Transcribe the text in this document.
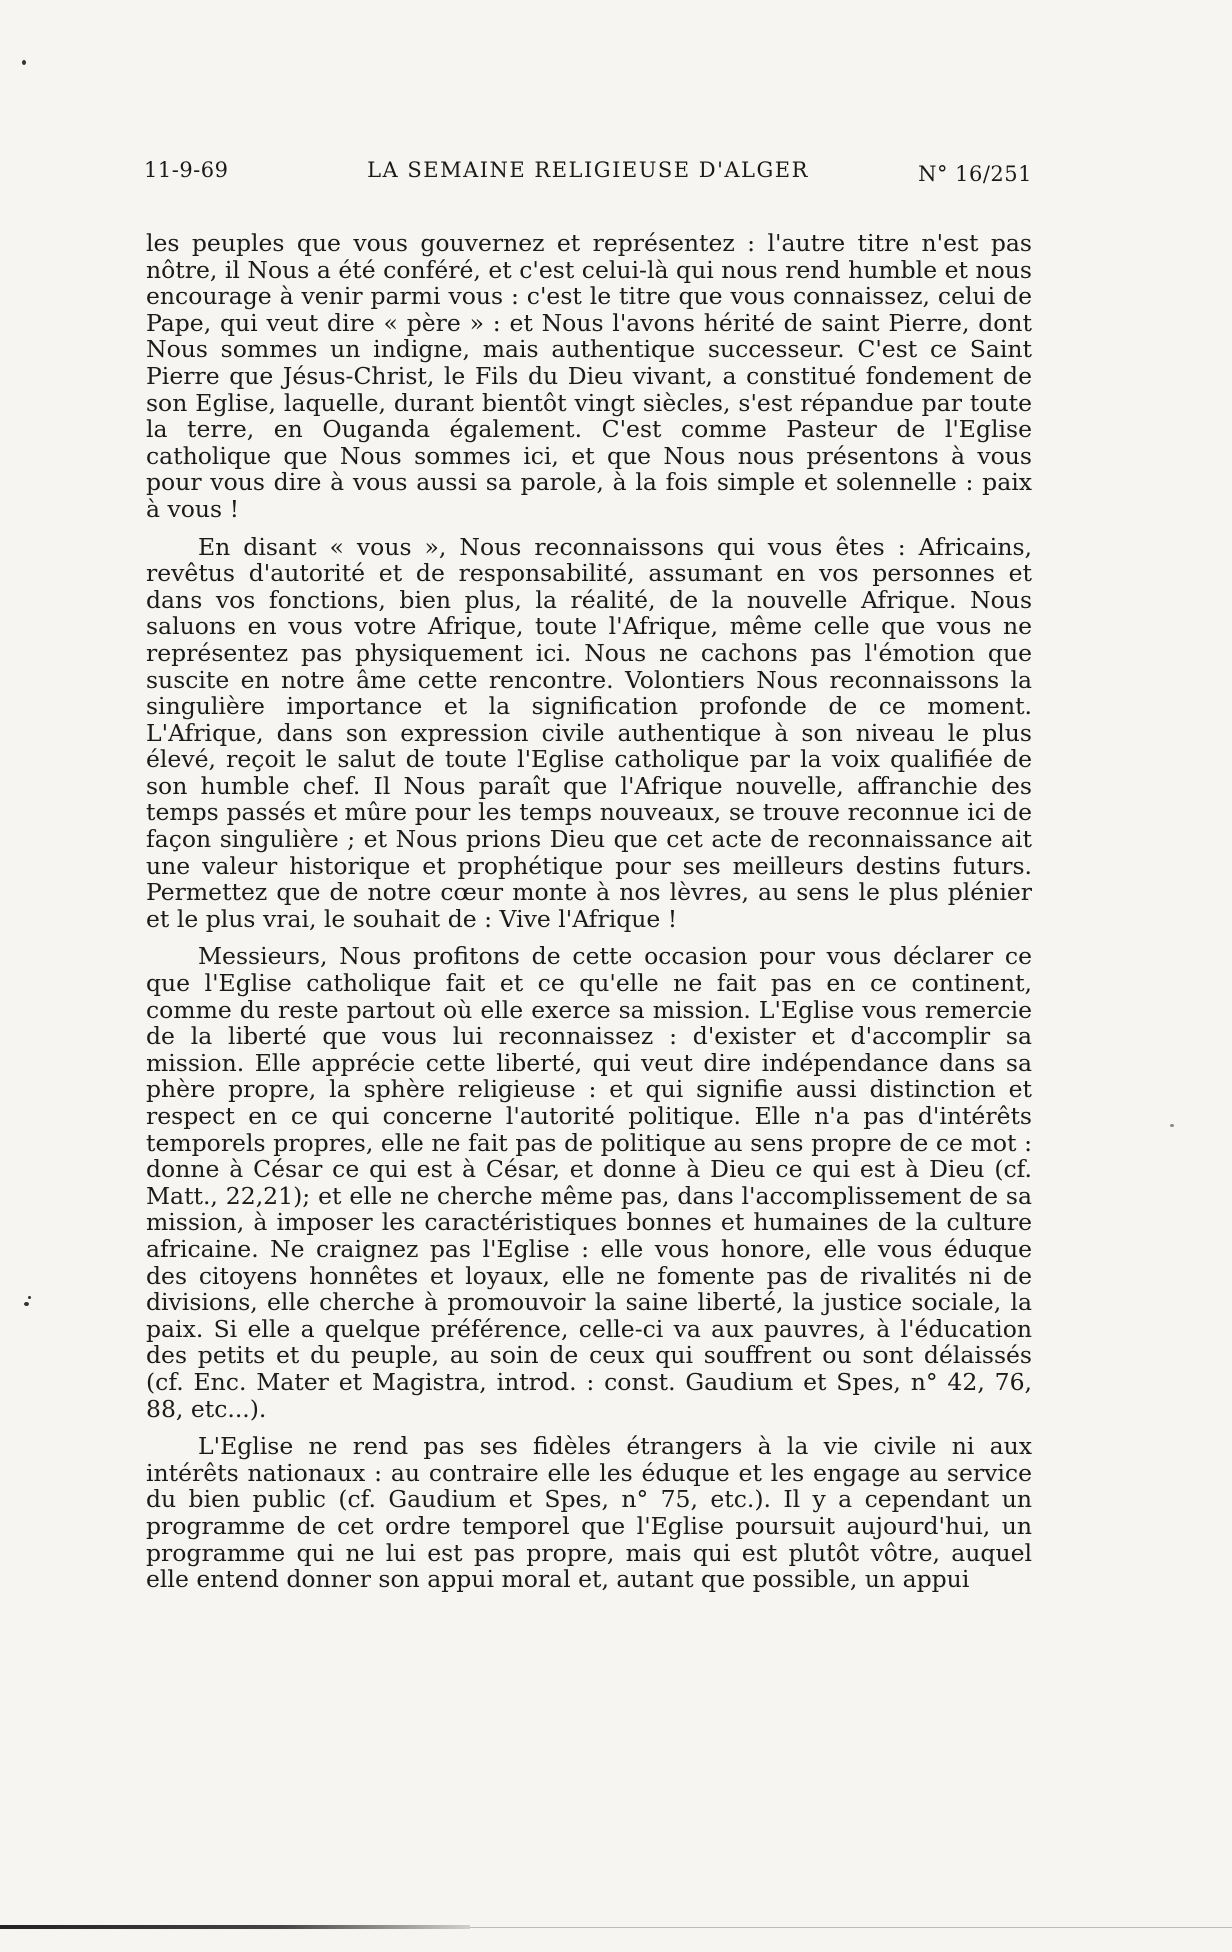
11-9-69	LA SEMAINE RELIGIEUSE D'ALGER	N° 16/251

les peuples que vous gouvernez et représentez : l'autre titre n'est pas nôtre, il Nous a été conféré, et c'est celui-là qui nous rend humble et nous encourage à venir parmi vous : c'est le titre que vous connaissez, celui de Pape, qui veut dire « père » : et Nous l'avons hérité de saint Pierre, dont Nous sommes un indigne, mais authentique successeur. C'est ce Saint Pierre que Jésus-Christ, le Fils du Dieu vivant, a constitué fondement de son Eglise, laquelle, durant bientôt vingt siècles, s'est répandue par toute la terre, en Ouganda également. C'est comme Pasteur de l'Eglise catholique que Nous sommes ici, et que Nous nous présentons à vous pour vous dire à vous aussi sa parole, à la fois simple et solennelle : paix à vous !

En disant « vous », Nous reconnaissons qui vous êtes : Africains, revêtus d'autorité et de responsabilité, assumant en vos personnes et dans vos fonctions, bien plus, la réalité, de la nouvelle Afrique. Nous saluons en vous votre Afrique, toute l'Afrique, même celle que vous ne représentez pas physiquement ici. Nous ne cachons pas l'émotion que suscite en notre âme cette rencontre. Volontiers Nous reconnaissons la singulière importance et la signification profonde de ce moment. L'Afrique, dans son expression civile authentique à son niveau le plus élevé, reçoit le salut de toute l'Eglise catholique par la voix qualifiée de son humble chef. Il Nous paraît que l'Afrique nouvelle, affranchie des temps passés et mûre pour les temps nouveaux, se trouve reconnue ici de façon singulière ; et Nous prions Dieu que cet acte de reconnaissance ait une valeur historique et prophétique pour ses meilleurs destins futurs. Permettez que de notre cœur monte à nos lèvres, au sens le plus plénier et le plus vrai, le souhait de : Vive l'Afrique !

Messieurs, Nous profitons de cette occasion pour vous déclarer ce que l'Eglise catholique fait et ce qu'elle ne fait pas en ce continent, comme du reste partout où elle exerce sa mission. L'Eglise vous remercie de la liberté que vous lui reconnaissez : d'exister et d'accomplir sa mission. Elle apprécie cette liberté, qui veut dire indépendance dans sa phère propre, la sphère religieuse : et qui signifie aussi distinction et respect en ce qui concerne l'autorité politique. Elle n'a pas d'intérêts temporels propres, elle ne fait pas de politique au sens propre de ce mot : donne à César ce qui est à César, et donne à Dieu ce qui est à Dieu (cf. Matt., 22,21); et elle ne cherche même pas, dans l'accomplissement de sa mission, à imposer les caractéristiques bonnes et humaines de la culture africaine. Ne craignez pas l'Eglise : elle vous honore, elle vous éduque des citoyens honnêtes et loyaux, elle ne fomente pas de rivalités ni de divisions, elle cherche à promouvoir la saine liberté, la justice sociale, la paix. Si elle a quelque préférence, celle-ci va aux pauvres, à l'éducation des petits et du peuple, au soin de ceux qui souffrent ou sont délaissés (cf. Enc. Mater et Magistra, introd. : const. Gaudium et Spes, n° 42, 76, 88, etc...).

L'Eglise ne rend pas ses fidèles étrangers à la vie civile ni aux intérêts nationaux : au contraire elle les éduque et les engage au service du bien public (cf. Gaudium et Spes, n° 75, etc.). Il y a cependant un programme de cet ordre temporel que l'Eglise poursuit aujourd'hui, un programme qui ne lui est pas propre, mais qui est plutôt vôtre, auquel elle entend donner son appui moral et, autant que possible, un appui
